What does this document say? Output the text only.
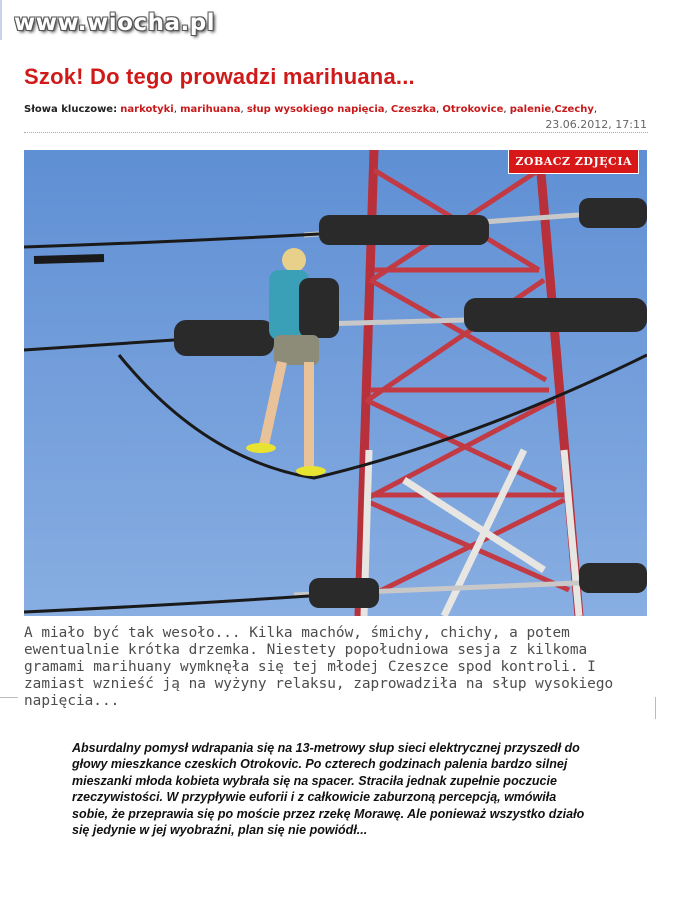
www.wiocha.pl
Szok! Do tego prowadzi marihuana...
Słowa kluczowe: narkotyki, marihuana, słup wysokiego napięcia, Czeszka, Otrokovice, palenie,Czechy,
23.06.2012, 17:11
ZOBACZ ZDJĘCIA

A miało być tak wesoło... Kilka machów, śmichy, chichy, a potem ewentualnie krótka drzemka. Niestety popołudniowa sesja z kilkoma gramami marihuany wymknęła się tej młodej Czeszce spod kontroli. I zamiast wznieść ją na wyżyny relaksu, zaprowadziła na słup wysokiego napięcia...

Absurdalny pomysł wdrapania się na 13-metrowy słup sieci elektrycznej przyszedł do głowy mieszkance czeskich Otrokovic. Po czterech godzinach palenia bardzo silnej mieszanki młoda kobieta wybrała się na spacer. Straciła jednak zupełnie poczucie rzeczywistości. W przypływie euforii i z całkowicie zaburzoną percepcją, wmówiła sobie, że przeprawia się po moście przez rzekę Morawę. Ale ponieważ wszystko działo się jedynie w jej wyobraźni, plan się nie powiódł...
